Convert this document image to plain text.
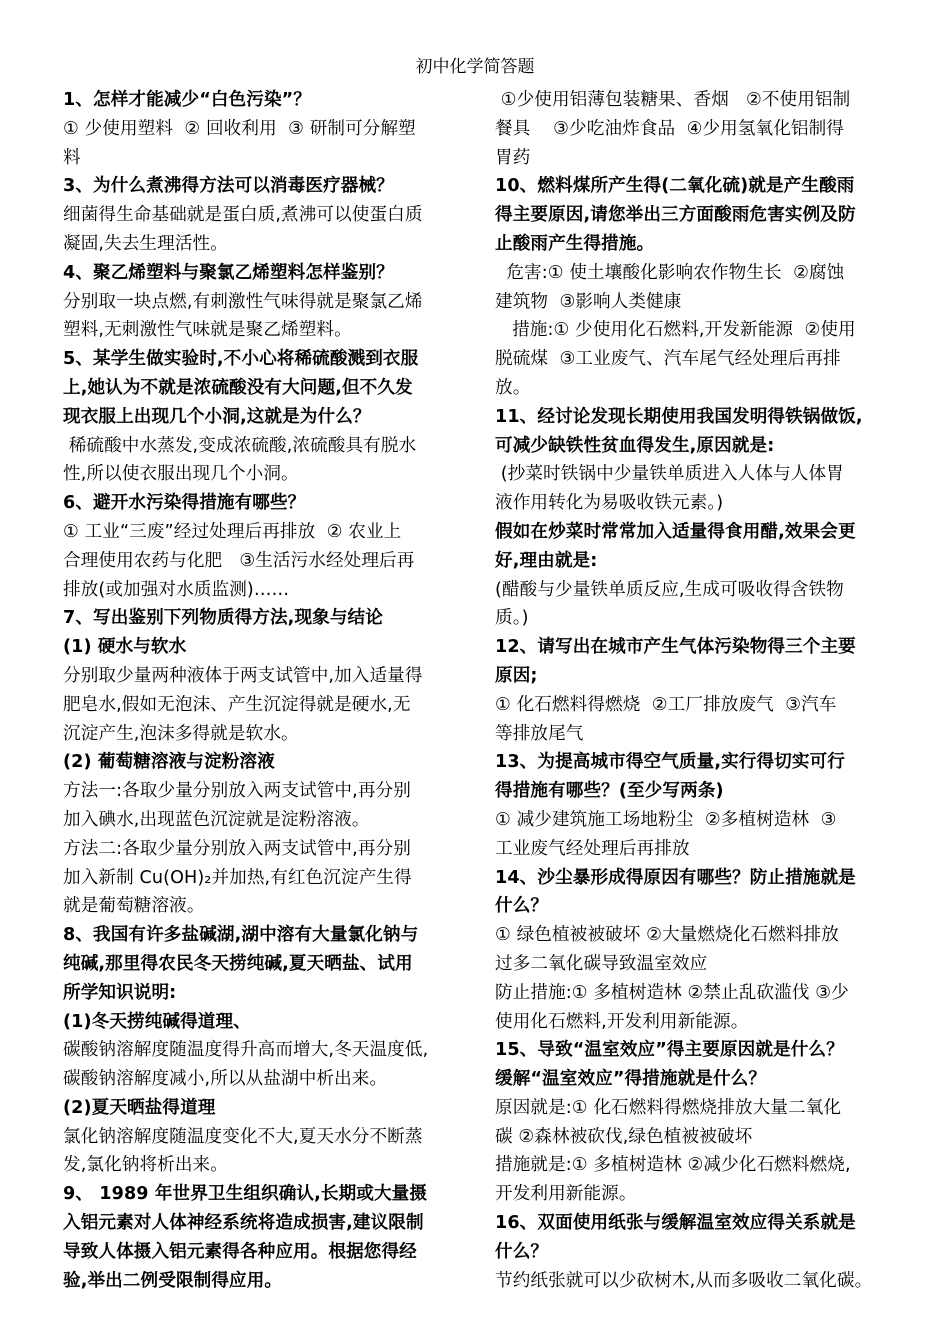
初中化学简答题
1、怎样才能减少“白色污染”？
① 少使用塑料  ② 回收利用  ③ 研制可分解塑
料
3、为什么煮沸得方法可以消毒医疗器械？
细菌得生命基础就是蛋白质,煮沸可以使蛋白质
凝固,失去生理活性。
4、聚乙烯塑料与聚氯乙烯塑料怎样鉴别？
分别取一块点燃,有刺激性气味得就是聚氯乙烯
塑料,无刺激性气味就是聚乙烯塑料。
5、某学生做实验时,不小心将稀硫酸溅到衣服
上,她认为不就是浓硫酸没有大问题,但不久发
现衣服上出现几个小洞,这就是为什么？
稀硫酸中水蒸发,变成浓硫酸,浓硫酸具有脱水
性,所以使衣服出现几个小洞。
6、避开水污染得措施有哪些？
① 工业“三废”经过处理后再排放  ② 农业上
合理使用农药与化肥   ③生活污水经处理后再
排放(或加强对水质监测)……
7、写出鉴别下列物质得方法,现象与结论
(1) 硬水与软水
分别取少量两种液体于两支试管中,加入适量得
肥皂水,假如无泡沫、产生沉淀得就是硬水,无
沉淀产生,泡沫多得就是软水。
(2) 葡萄糖溶液与淀粉溶液
方法一:各取少量分别放入两支试管中,再分别
加入碘水,出现蓝色沉淀就是淀粉溶液。
方法二:各取少量分别放入两支试管中,再分别
加入新制 Cu(OH)₂并加热,有红色沉淀产生得
就是葡萄糖溶液。
8、我国有许多盐碱湖,湖中溶有大量氯化钠与
纯碱,那里得农民冬天捞纯碱,夏天晒盐、试用
所学知识说明:
(1)冬天捞纯碱得道理、
碳酸钠溶解度随温度得升高而增大,冬天温度低,
碳酸钠溶解度减小,所以从盐湖中析出来。
(2)夏天晒盐得道理
氯化钠溶解度随温度变化不大,夏天水分不断蒸
发,氯化钠将析出来。
9、 1989 年世界卫生组织确认,长期或大量摄
入铝元素对人体神经系统将造成损害,建议限制
导致人体摄入铝元素得各种应用。根据您得经
验,举出二例受限制得应用。
①少使用铝薄包装糖果、香烟   ②不使用铝制
餐具    ③少吃油炸食品  ④少用氢氧化铝制得
胃药
10、燃料煤所产生得(二氧化硫)就是产生酸雨
得主要原因,请您举出三方面酸雨危害实例及防
止酸雨产生得措施。
危害:① 使土壤酸化影响农作物生长  ②腐蚀
建筑物  ③影响人类健康
措施:① 少使用化石燃料,开发新能源  ②使用
脱硫煤  ③工业废气、汽车尾气经处理后再排
放。
11、经讨论发现长期使用我国发明得铁锅做饭,
可减少缺铁性贫血得发生,原因就是:
(抄菜时铁锅中少量铁单质进入人体与人体胃
液作用转化为易吸收铁元素。)
假如在炒菜时常常加入适量得食用醋,效果会更
好,理由就是:
(醋酸与少量铁单质反应,生成可吸收得含铁物
质。)
12、请写出在城市产生气体污染物得三个主要
原因;
① 化石燃料得燃烧  ②工厂排放废气  ③汽车
等排放尾气
13、为提高城市得空气质量,实行得切实可行
得措施有哪些？(至少写两条)
① 减少建筑施工场地粉尘  ②多植树造林  ③
工业废气经处理后再排放
14、沙尘暴形成得原因有哪些？防止措施就是
什么？
① 绿色植被被破坏 ②大量燃烧化石燃料排放
过多二氧化碳导致温室效应
防止措施:① 多植树造林 ②禁止乱砍滥伐 ③少
使用化石燃料,开发利用新能源。
15、导致“温室效应”得主要原因就是什么？
缓解“温室效应”得措施就是什么？
原因就是:① 化石燃料得燃烧排放大量二氧化
碳 ②森林被砍伐,绿色植被被破坏
措施就是:① 多植树造林 ②减少化石燃料燃烧,
开发利用新能源。
16、双面使用纸张与缓解温室效应得关系就是
什么？
节约纸张就可以少砍树木,从而多吸收二氧化碳。
